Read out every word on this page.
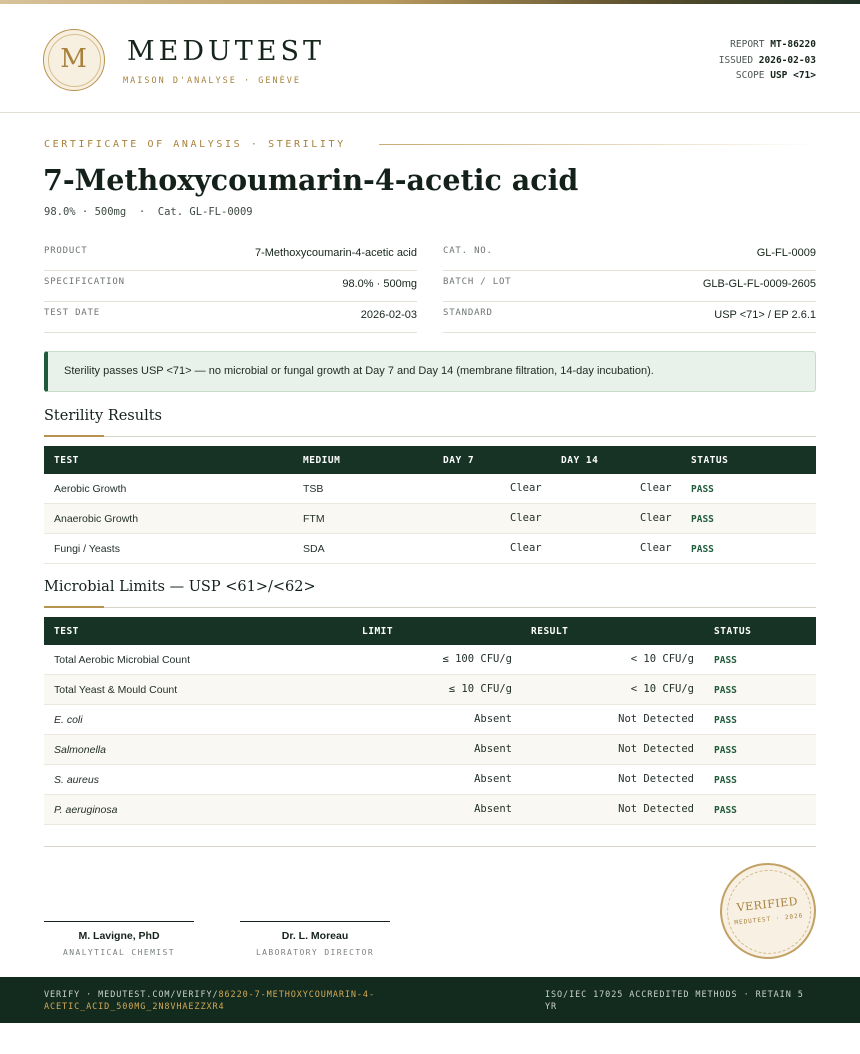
M	MEDUTEST
MAISON D'ANALYSE · GENÈVE
REPORT MT-86220
ISSUED 2026-02-03
SCOPE USP <71>
CERTIFICATE OF ANALYSIS · STERILITY
7-Methoxycoumarin-4-acetic acid
98.0% · 500mg  ·  Cat. GL-FL-0009
PRODUCT	7-Methoxycoumarin-4-acetic acid
SPECIFICATION	98.0% · 500mg
TEST DATE	2026-02-03
CAT. NO.	GL-FL-0009
BATCH / LOT	GLB-GL-FL-0009-2605
STANDARD	USP <71> / EP 2.6.1
Sterility passes USP <71> — no microbial or fungal growth at Day 7 and Day 14 (membrane filtration, 14-day incubation).
Sterility Results
TEST	MEDIUM	DAY 7	DAY 14	STATUS
Aerobic Growth	TSB	Clear	Clear PASS
Anaerobic Growth	FTM	Clear	Clear PASS
Fungi / Yeasts	SDA	Clear	Clear PASS
Microbial Limits — USP <61>/<62>
TEST	LIMIT	RESULT	STATUS
Total Aerobic Microbial Count	≤ 100 CFU/g	< 10 CFU/g PASS
Total Yeast & Mould Count	≤ 10 CFU/g	< 10 CFU/g PASS
E. coli	Absent	Not Detected PASS
Salmonella	Absent	Not Detected PASS
S. aureus	Absent	Not Detected PASS
P. aeruginosa	Absent	Not Detected PASS
M. Lavigne, PhD
ANALYTICAL CHEMIST
Dr. L. Moreau
LABORATORY DIRECTOR
VERIFIED
MEDUTEST · 2026
VERIFY · MEDUTEST.COM/VERIFY/86220-7-METHOXYCOUMARIN-4-ACETIC_ACID_500MG_2N8VHAEZZXR4
ISO/IEC 17025 ACCREDITED METHODS · RETAIN 5 YR
